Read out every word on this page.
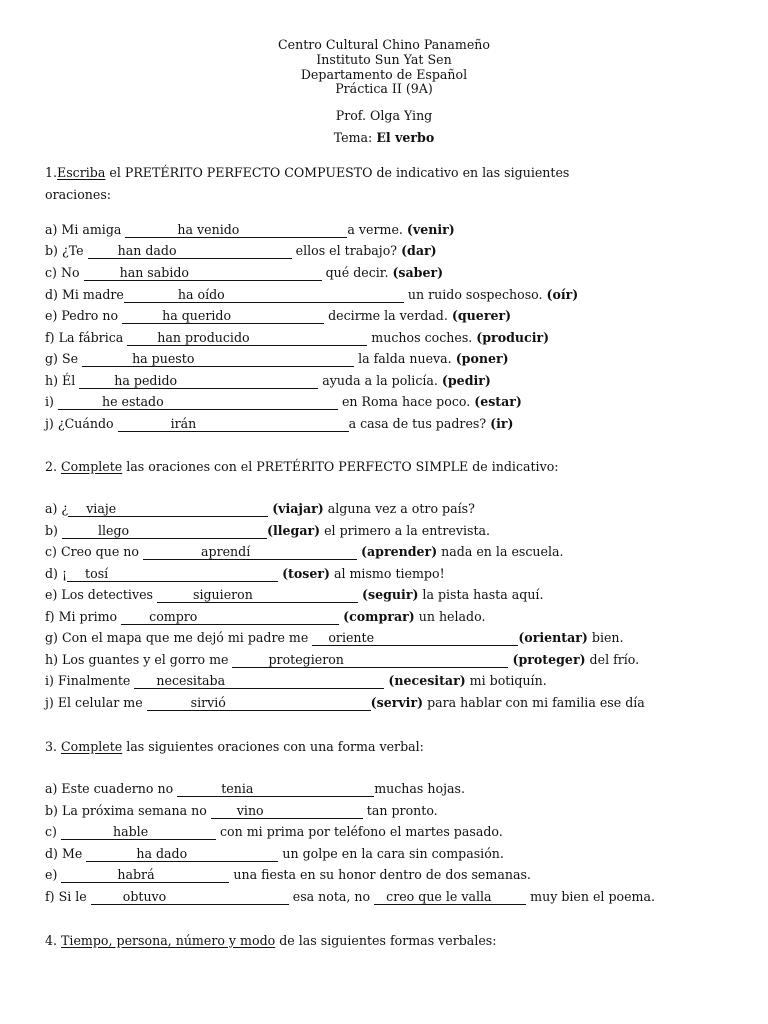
Centro Cultural Chino Panameño
Instituto Sun Yat Sen
Departamento de Español
Práctica II (9A)
Prof. Olga Ying
Tema: El verbo
1.Escriba el PRETÉRITO PERFECTO COMPUESTO de indicativo en las siguientes
oraciones:
a) Mi amiga	ha venido	a verme. (venir)
b) ¿Te han dado	ellos el trabajo? (dar)
c) No	han sabido	qué decir. (saber)
d) Mi madre	ha oído	un ruido sospechoso. (oír)
e) Pedro no	ha querido	decirme la verdad. (querer)
f) La fábrica han producido	muchos coches. (producir)
g) Se	ha puesto	la falda nueva. (poner)
h) Él	ha pedido	ayuda a la policía. (pedir)
i)	he estado	en Roma hace poco. (estar)
j) ¿Cuándo	irán	a casa de tus padres? (ir)
2. Complete las oraciones con el PRETÉRITO PERFECTO SIMPLE de indicativo:
a) ¿ viaje	(viajar) alguna vez a otro país?
b)	llego	(llegar) el primero a la entrevista.
c) Creo que no	aprendí	(aprender) nada en la escuela.
d) ¡ tosí	(toser) al mismo tiempo!
e) Los detectives	siguieron	(seguir) la pista hasta aquí.
f) Mi primo compro	(comprar) un helado.
g) Con el mapa que me dejó mi padre me oriente	(orientar) bien.
h) Los guantes y el gorro me	protegieron	(proteger) del frío.
i) Finalmente necesitaba	(necesitar) mi botiquín.
j) El celular me	sirvió	(servir) para hablar con mi familia ese día
3. Complete las siguientes oraciones con una forma verbal:
a) Este cuaderno no	tenia	muchas hojas.
b) La próxima semana no vino	tan pronto.
c)	hable	con mi prima por teléfono el martes pasado.
d) Me	ha dado	un golpe en la cara sin compasión.
e)	habrá	una fiesta en su honor dentro de dos semanas.
f) Si le	obtuvo	esa nota, no creo que le valla	muy bien el poema.
4. Tiempo, persona, número y modo de las siguientes formas verbales:
